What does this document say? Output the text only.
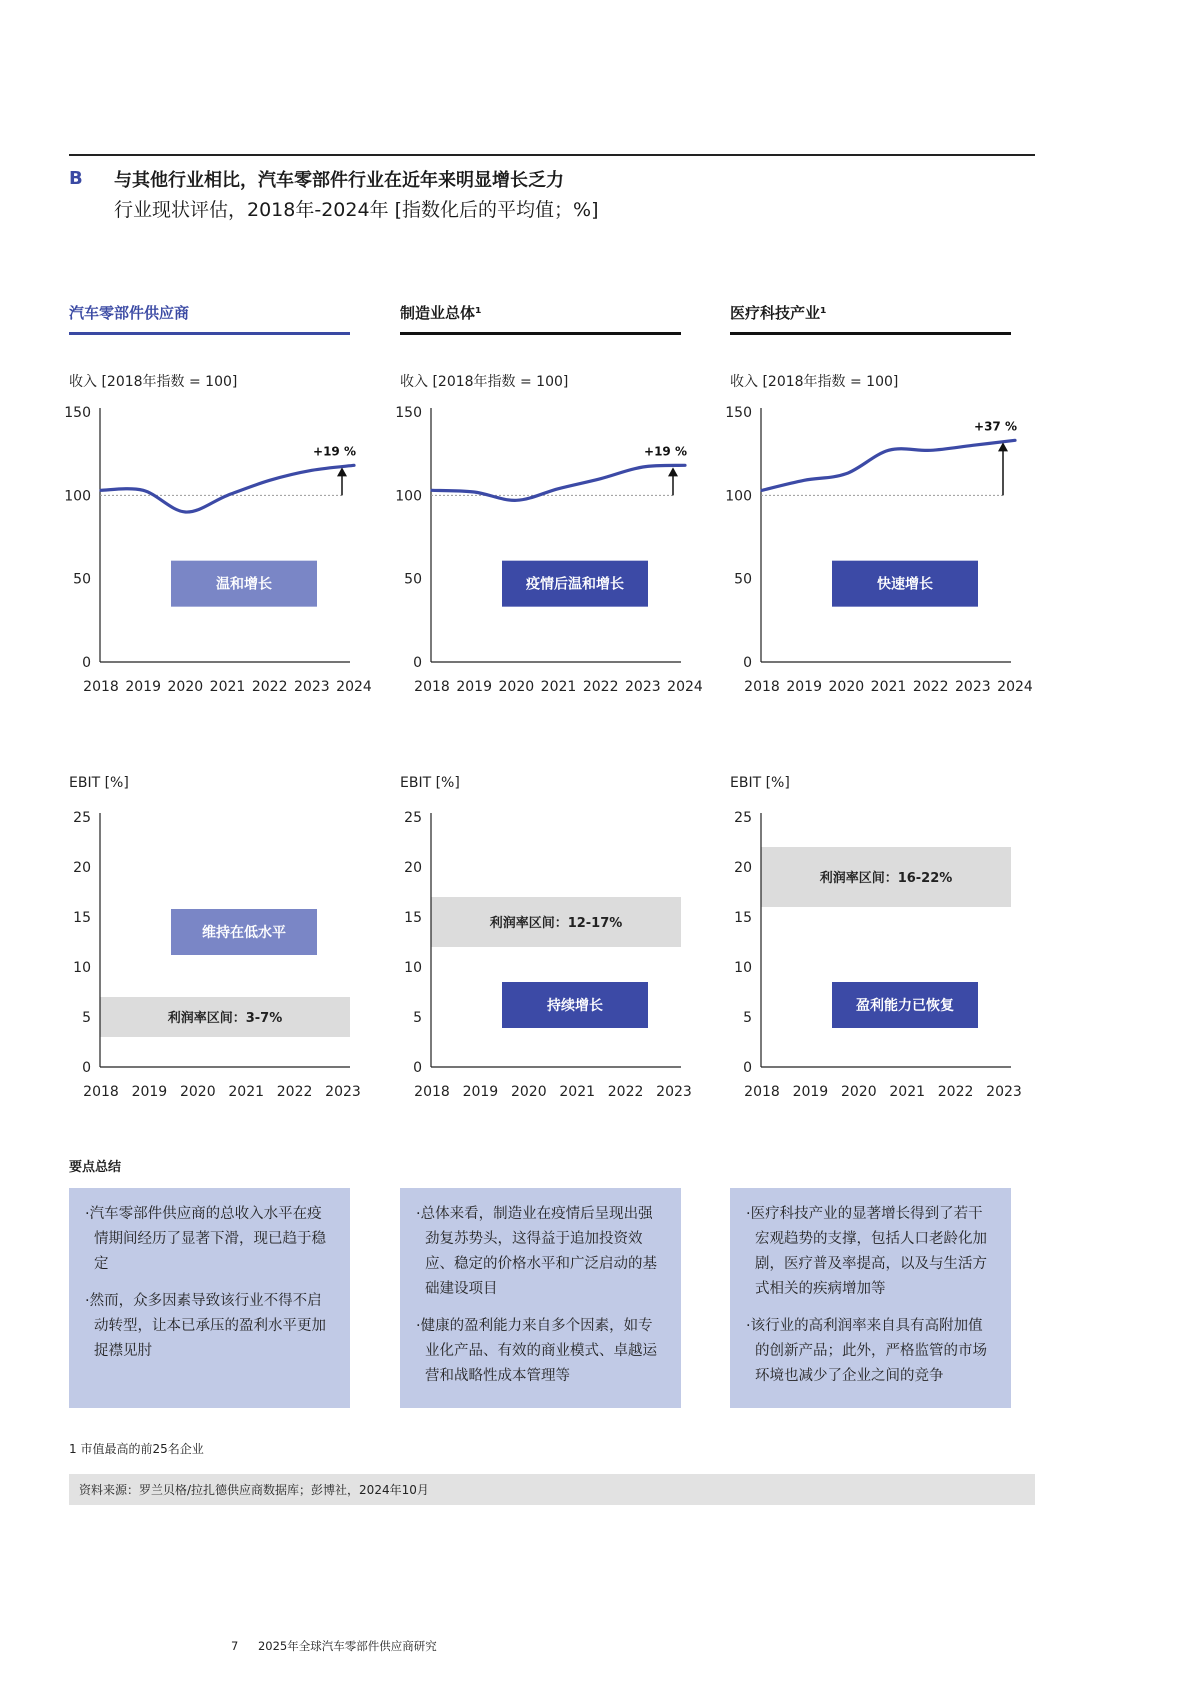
B 与其他行业相比，汽车零部件行业在近年来明显增长乏力
行业现状评估，2018年-2024年 [指数化后的平均值；%]
汽车零部件供应商	制造业总体¹	医疗科技产业¹
收入 [2018年指数 = 100]	收入 [2018年指数 = 100]	收入 [2018年指数 = 100]
0
50
100
150
2018 2019 2020 2021 2022 2023 2024
+19 %
温和增长
0
50
100
150
2018 2019 2020 2021 2022 2023 2024
+19 %
疫情后温和增长
0
50
100
150
2018 2019 2020 2021 2022 2023 2024
+37 %
快速增长
EBIT [%]	EBIT [%]	EBIT [%]
利润率区间：3-7%
0
5
10
15
20
25
2018 2019 2020 2021 2022 2023
维持在低水平
利润率区间：12-17%
0
5
10
15
20
25
2018 2019 2020 2021 2022 2023
持续增长
利润率区间：16-22%
0
5
10
15
20
25
2018 2019 2020 2021 2022 2023
盈利能力已恢复
要点总结
·汽车零部件供应商的总收入水平在疫情期间经历了显著下滑，现已趋于稳定
·然而，众多因素导致该行业不得不启动转型，让本已承压的盈利水平更加捉襟见肘
·总体来看，制造业在疫情后呈现出强劲复苏势头，这得益于追加投资效应、稳定的价格水平和广泛启动的基础建设项目
·健康的盈利能力来自多个因素，如专业化产品、有效的商业模式、卓越运营和战略性成本管理等
·医疗科技产业的显著增长得到了若干宏观趋势的支撑，包括人口老龄化加剧，医疗普及率提高，以及与生活方式相关的疾病增加等
·该行业的高利润率来自具有高附加值的创新产品；此外，严格监管的市场环境也减少了企业之间的竞争
1 市值最高的前25名企业
资料来源：罗兰贝格/拉扎德供应商数据库；彭博社，2024年10月
7 2025年全球汽车零部件供应商研究
